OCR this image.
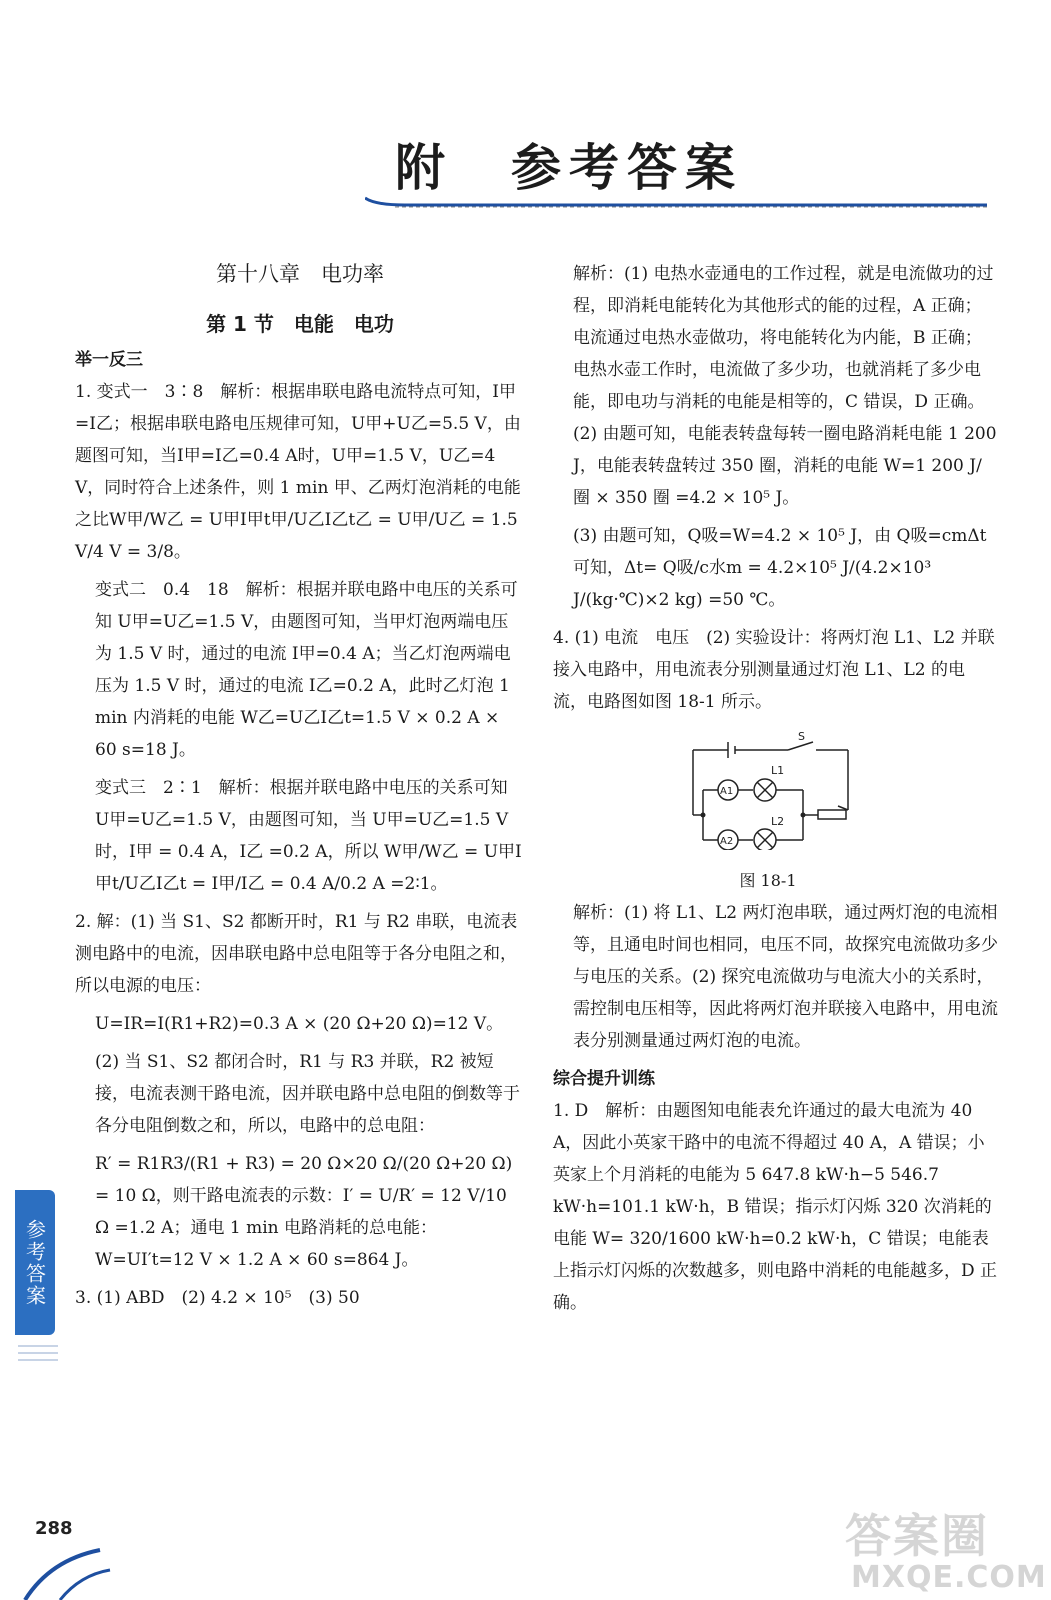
附　参考答案
第十八章　电功率
第 1 节　电能　电功
举一反三

1. 变式一　3∶8　解析：根据串联电路电流特点可知，I甲=I乙；根据串联电路电压规律可知，U甲+U乙=5.5 V，由题图可知，当I甲=I乙=0.4 A时，U甲=1.5 V，U乙=4 V，同时符合上述条件，则 1 min 甲、乙两灯泡消耗的电能之比W甲/W乙 = U甲I甲t甲/U乙I乙t乙 = U甲/U乙 = 1.5 V/4 V = 3/8。

变式二　0.4　18　解析：根据并联电路中电压的关系可知 U甲=U乙=1.5 V，由题图可知，当甲灯泡两端电压为 1.5 V 时，通过的电流 I甲=0.4 A；当乙灯泡两端电压为 1.5 V 时，通过的电流 I乙=0.2 A，此时乙灯泡 1 min 内消耗的电能 W乙=U乙I乙t=1.5 V × 0.2 A × 60 s=18 J。

变式三　2∶1　解析：根据并联电路中电压的关系可知 U甲=U乙=1.5 V，由题图可知，当 U甲=U乙=1.5 V 时，I甲 = 0.4 A，I乙 =0.2 A，所以 W甲/W乙 = U甲I甲t/U乙I乙t = I甲/I乙 = 0.4 A/0.2 A =2∶1。

2. 解：(1) 当 S1、S2 都断开时，R1 与 R2 串联，电流表测电路中的电流，因串联电路中总电阻等于各分电阻之和，所以电源的电压：

U=IR=I(R1+R2)=0.3 A × (20 Ω+20 Ω)=12 V。

(2) 当 S1、S2 都闭合时，R1 与 R3 并联，R2 被短接，电流表测干路电流，因并联电路中总电阻的倒数等于各分电阻倒数之和，所以，电路中的总电阻：

R′ = R1R3/(R1 + R3) = 20 Ω×20 Ω/(20 Ω+20 Ω) = 10 Ω，则干路电流表的示数：I′ = U/R′ = 12 V/10 Ω =1.2 A；通电 1 min 电路消耗的总电能：W=UI′t=12 V × 1.2 A × 60 s=864 J。

3. (1) ABD　(2) 4.2 × 10⁵　(3) 50

解析：(1) 电热水壶通电的工作过程，就是电流做功的过程，即消耗电能转化为其他形式的能的过程，A 正确；电流通过电热水壶做功，将电能转化为内能，B 正确；电热水壶工作时，电流做了多少功，也就消耗了多少电能，即电功与消耗的电能是相等的，C 错误，D 正确。(2) 由题可知，电能表转盘每转一圈电路消耗电能 1 200 J，电能表转盘转过 350 圈，消耗的电能 W=1 200 J/圈 × 350 圈 =4.2 × 10⁵ J。

(3) 由题可知，Q吸=W=4.2 × 10⁵ J，由 Q吸=cmΔt 可知，Δt= Q吸/c水m = 4.2×10⁵ J/(4.2×10³ J/(kg·℃)×2 kg) =50 ℃。

4. (1) 电流　电压　(2) 实验设计：将两灯泡 L1、L2 并联接入电路中，用电流表分别测量通过灯泡 L1、L2 的电流，电路图如图 18-1 所示。

S
L1
L2
A1
A2
图 18-1

解析：(1) 将 L1、L2 两灯泡串联，通过两灯泡的电流相等，且通电时间也相同，电压不同，故探究电流做功多少与电压的关系。(2) 探究电流做功与电流大小的关系时，需控制电压相等，因此将两灯泡并联接入电路中，用电流表分别测量通过两灯泡的电流。

综合提升训练

1. D　解析：由题图知电能表允许通过的最大电流为 40 A，因此小英家干路中的电流不得超过 40 A，A 错误；小英家上个月消耗的电能为 5 647.8 kW·h−5 546.7 kW·h=101.1 kW·h，B 错误；指示灯闪烁 320 次消耗的电能 W= 320/1600 kW·h=0.2 kW·h，C 错误；电能表上指示灯闪烁的次数越多，则电路中消耗的电能越多，D 正确。

参考答案
288	答案圈
MXQE.COM
